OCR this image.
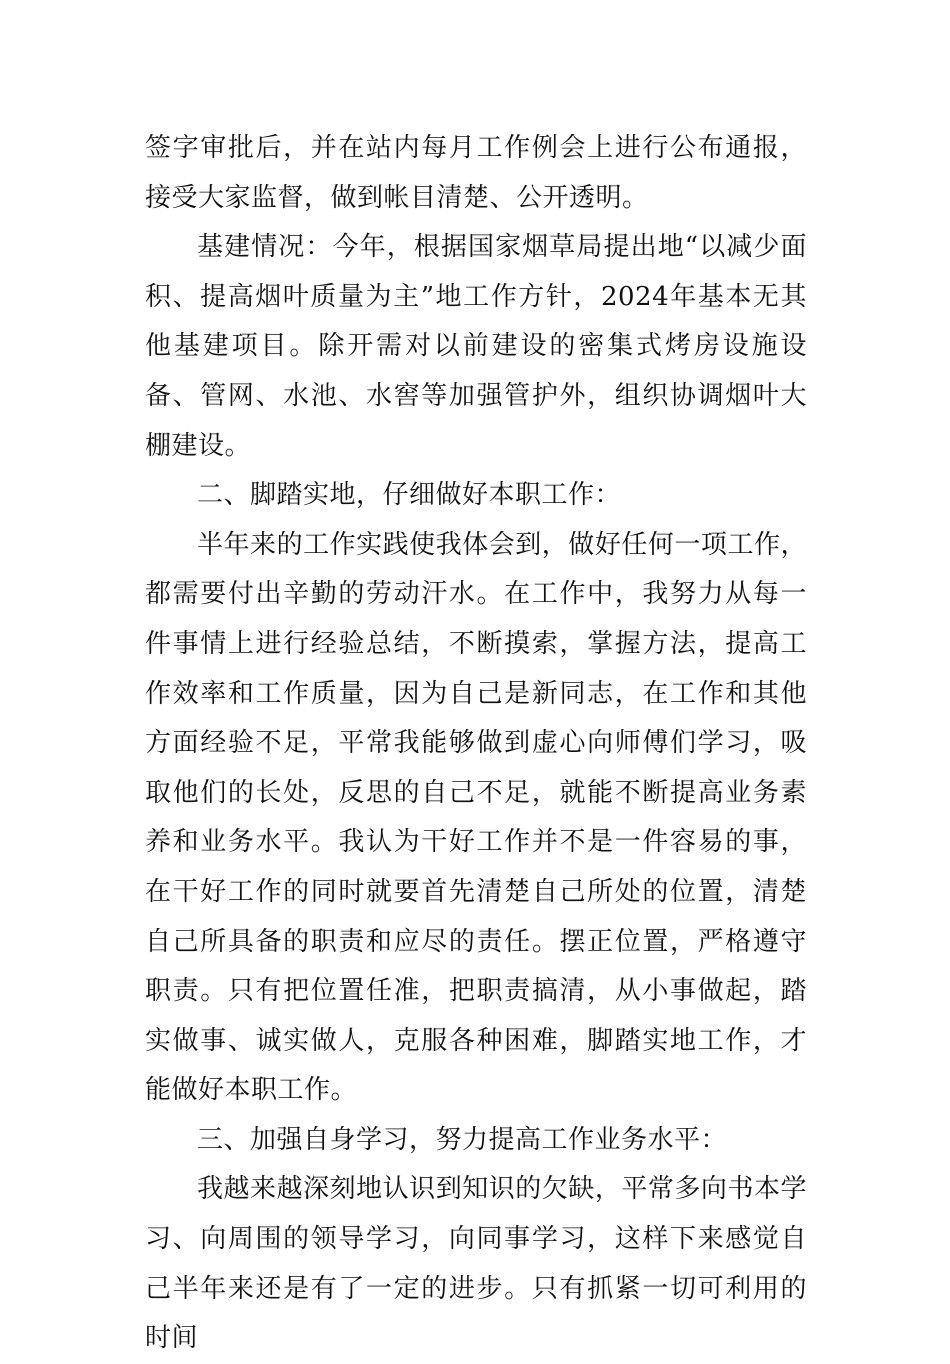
签字审批后，并在站内每月工作例会上进行公布通报，接受大家监督，做到帐目清楚、公开透明。

基建情况：今年，根据国家烟草局提出地“以减少面积、提高烟叶质量为主”地工作方针，2024年基本无其他基建项目。除开需对以前建设的密集式烤房设施设备、管网、水池、水窖等加强管护外，组织协调烟叶大棚建设。

二、脚踏实地，仔细做好本职工作：

半年来的工作实践使我体会到，做好任何一项工作，都需要付出辛勤的劳动汗水。在工作中，我努力从每一件事情上进行经验总结，不断摸索，掌握方法，提高工作效率和工作质量，因为自己是新同志，在工作和其他方面经验不足，平常我能够做到虚心向师傅们学习，吸取他们的长处，反思的自己不足，就能不断提高业务素养和业务水平。我认为干好工作并不是一件容易的事，在干好工作的同时就要首先清楚自己所处的位置，清楚自己所具备的职责和应尽的责任。摆正位置，严格遵守职责。只有把位置任准，把职责搞清，从小事做起，踏实做事、诚实做人，克服各种困难，脚踏实地工作，才能做好本职工作。

三、加强自身学习，努力提高工作业务水平：

我越来越深刻地认识到知识的欠缺，平常多向书本学习、向周围的领导学习，向同事学习，这样下来感觉自己半年来还是有了一定的进步。只有抓紧一切可利用的时间
